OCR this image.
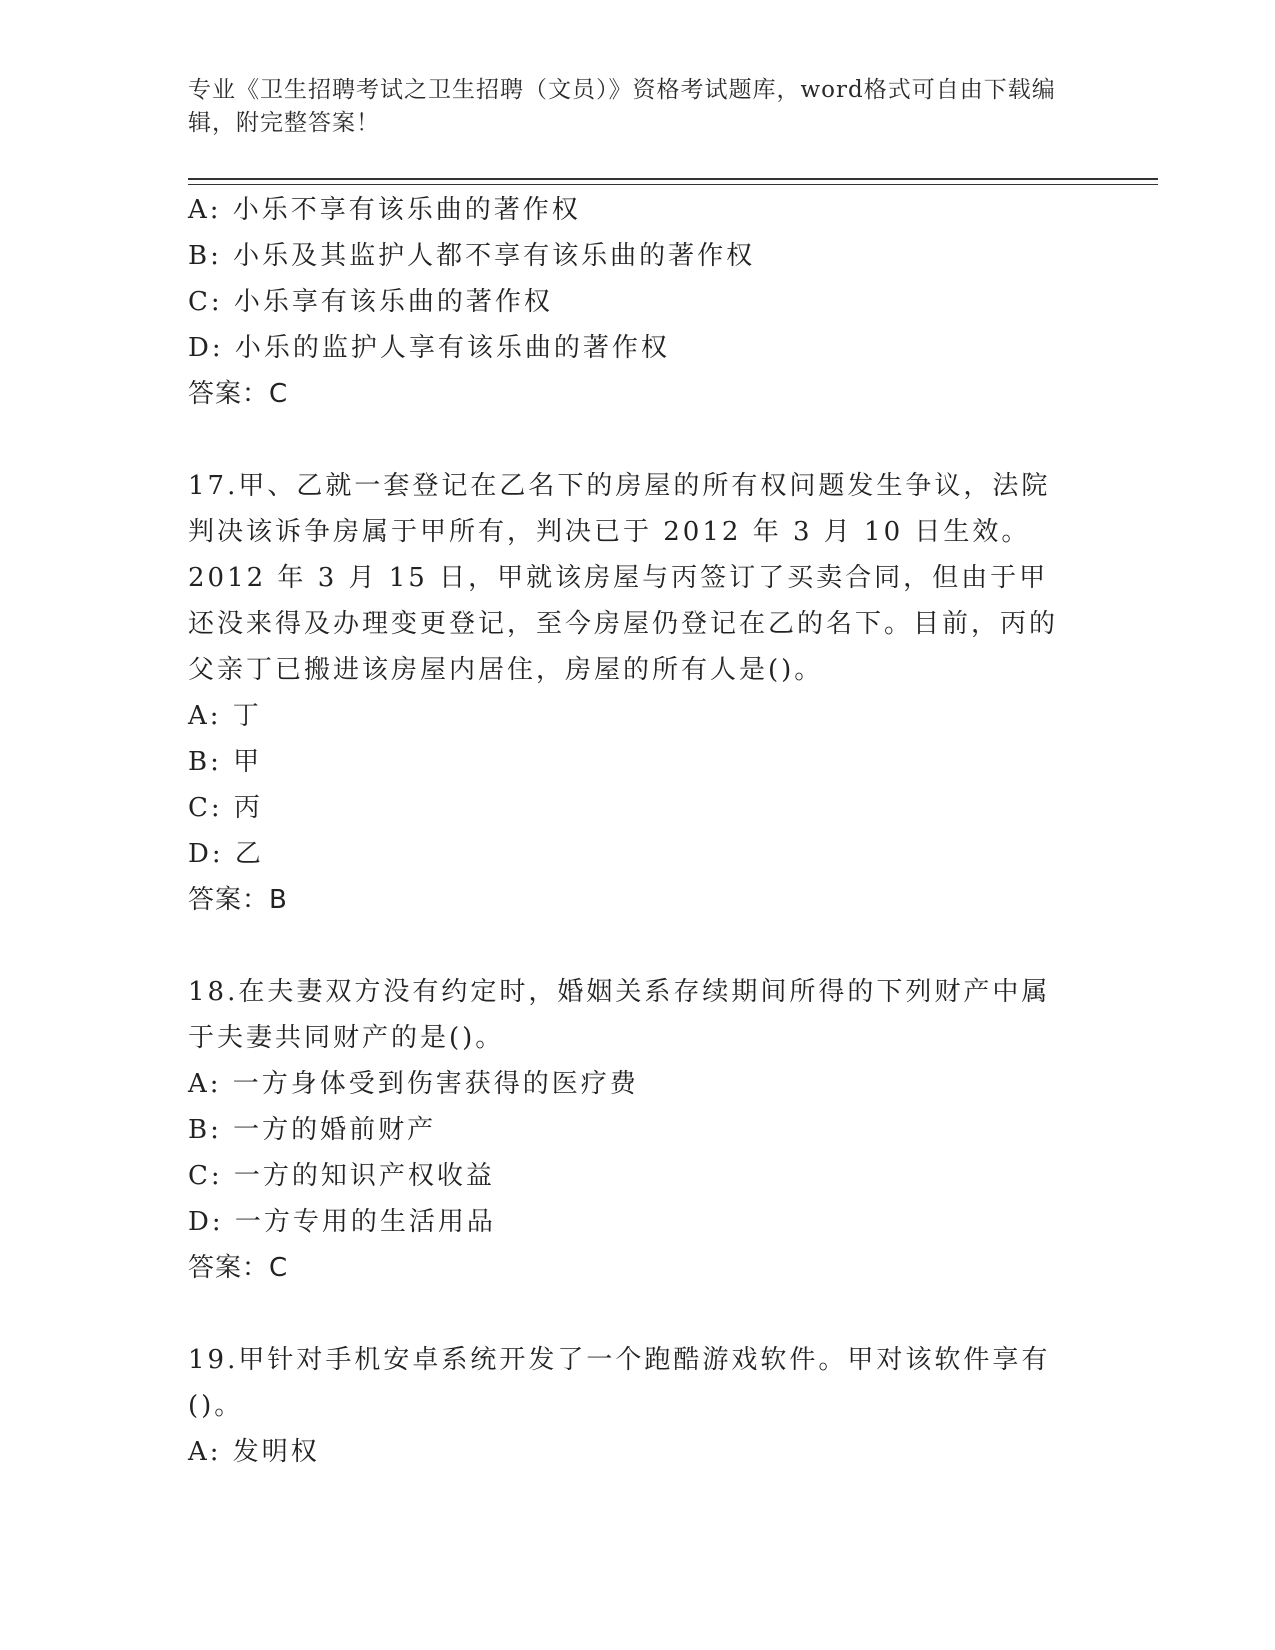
专业《卫生招聘考试之卫生招聘（文员）》资格考试题库，word格式可自由下载编辑，附完整答案！
A: 小乐不享有该乐曲的著作权
B: 小乐及其监护人都不享有该乐曲的著作权
C: 小乐享有该乐曲的著作权
D: 小乐的监护人享有该乐曲的著作权
答案：C
17.甲、乙就一套登记在乙名下的房屋的所有权问题发生争议，法院判决该诉争房属于甲所有，判决已于 2012 年 3 月 10 日生效。2012 年 3 月 15 日，甲就该房屋与丙签订了买卖合同，但由于甲还没来得及办理变更登记，至今房屋仍登记在乙的名下。目前，丙的父亲丁已搬进该房屋内居住，房屋的所有人是()。
A: 丁
B: 甲
C: 丙
D: 乙
答案：B
18.在夫妻双方没有约定时，婚姻关系存续期间所得的下列财产中属于夫妻共同财产的是()。
A: 一方身体受到伤害获得的医疗费
B: 一方的婚前财产
C: 一方的知识产权收益
D: 一方专用的生活用品
答案：C
19.甲针对手机安卓系统开发了一个跑酷游戏软件。甲对该软件享有()。
A: 发明权
